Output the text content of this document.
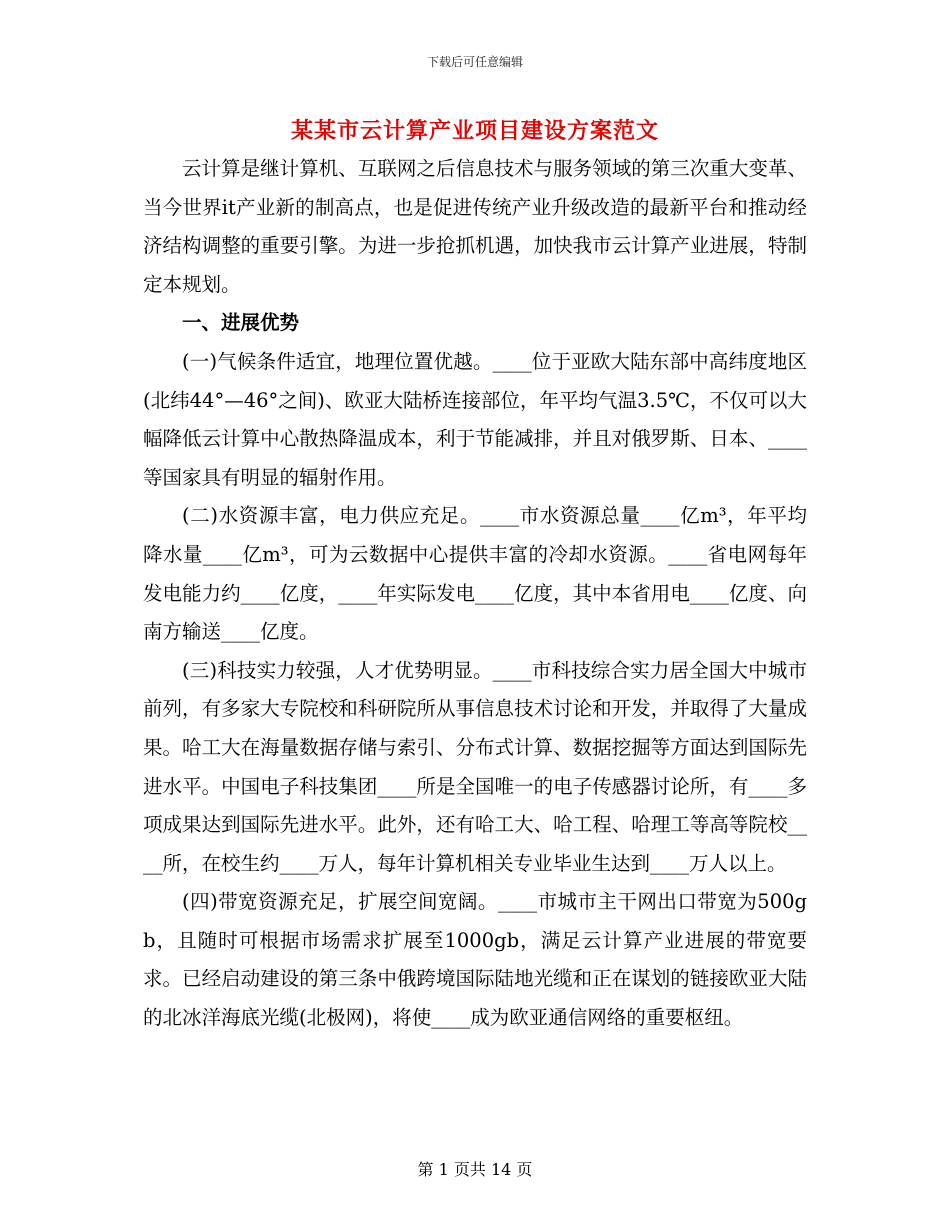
下载后可任意编辑
某某市云计算产业项目建设方案范文

云计算是继计算机、互联网之后信息技术与服务领域的第三次重大变革、当今世界it产业新的制高点，也是促进传统产业升级改造的最新平台和推动经济结构调整的重要引擎。为进一步抢抓机遇，加快我市云计算产业进展，特制定本规划。

一、进展优势

(一)气候条件适宜，地理位置优越。____位于亚欧大陆东部中高纬度地区(北纬44°—46°之间)、欧亚大陆桥连接部位，年平均气温3.5℃，不仅可以大幅降低云计算中心散热降温成本，利于节能减排，并且对俄罗斯、日本、____等国家具有明显的辐射作用。

(二)水资源丰富，电力供应充足。____市水资源总量____亿m³，年平均降水量____亿m³，可为云数据中心提供丰富的冷却水资源。____省电网每年发电能力约____亿度，____年实际发电____亿度，其中本省用电____亿度、向南方输送____亿度。

(三)科技实力较强，人才优势明显。____市科技综合实力居全国大中城市前列，有多家大专院校和科研院所从事信息技术讨论和开发，并取得了大量成果。哈工大在海量数据存储与索引、分布式计算、数据挖掘等方面达到国际先进水平。中国电子科技集团____所是全国唯一的电子传感器讨论所，有____多项成果达到国际先进水平。此外，还有哈工大、哈工程、哈理工等高等院校____所，在校生约____万人，每年计算机相关专业毕业生达到____万人以上。

(四)带宽资源充足，扩展空间宽阔。____市城市主干网出口带宽为500gb，且随时可根据市场需求扩展至1000gb，满足云计算产业进展的带宽要求。已经启动建设的第三条中俄跨境国际陆地光缆和正在谋划的链接欧亚大陆的北冰洋海底光缆(北极网)，将使____成为欧亚通信网络的重要枢纽。

第 1 页共 14 页
